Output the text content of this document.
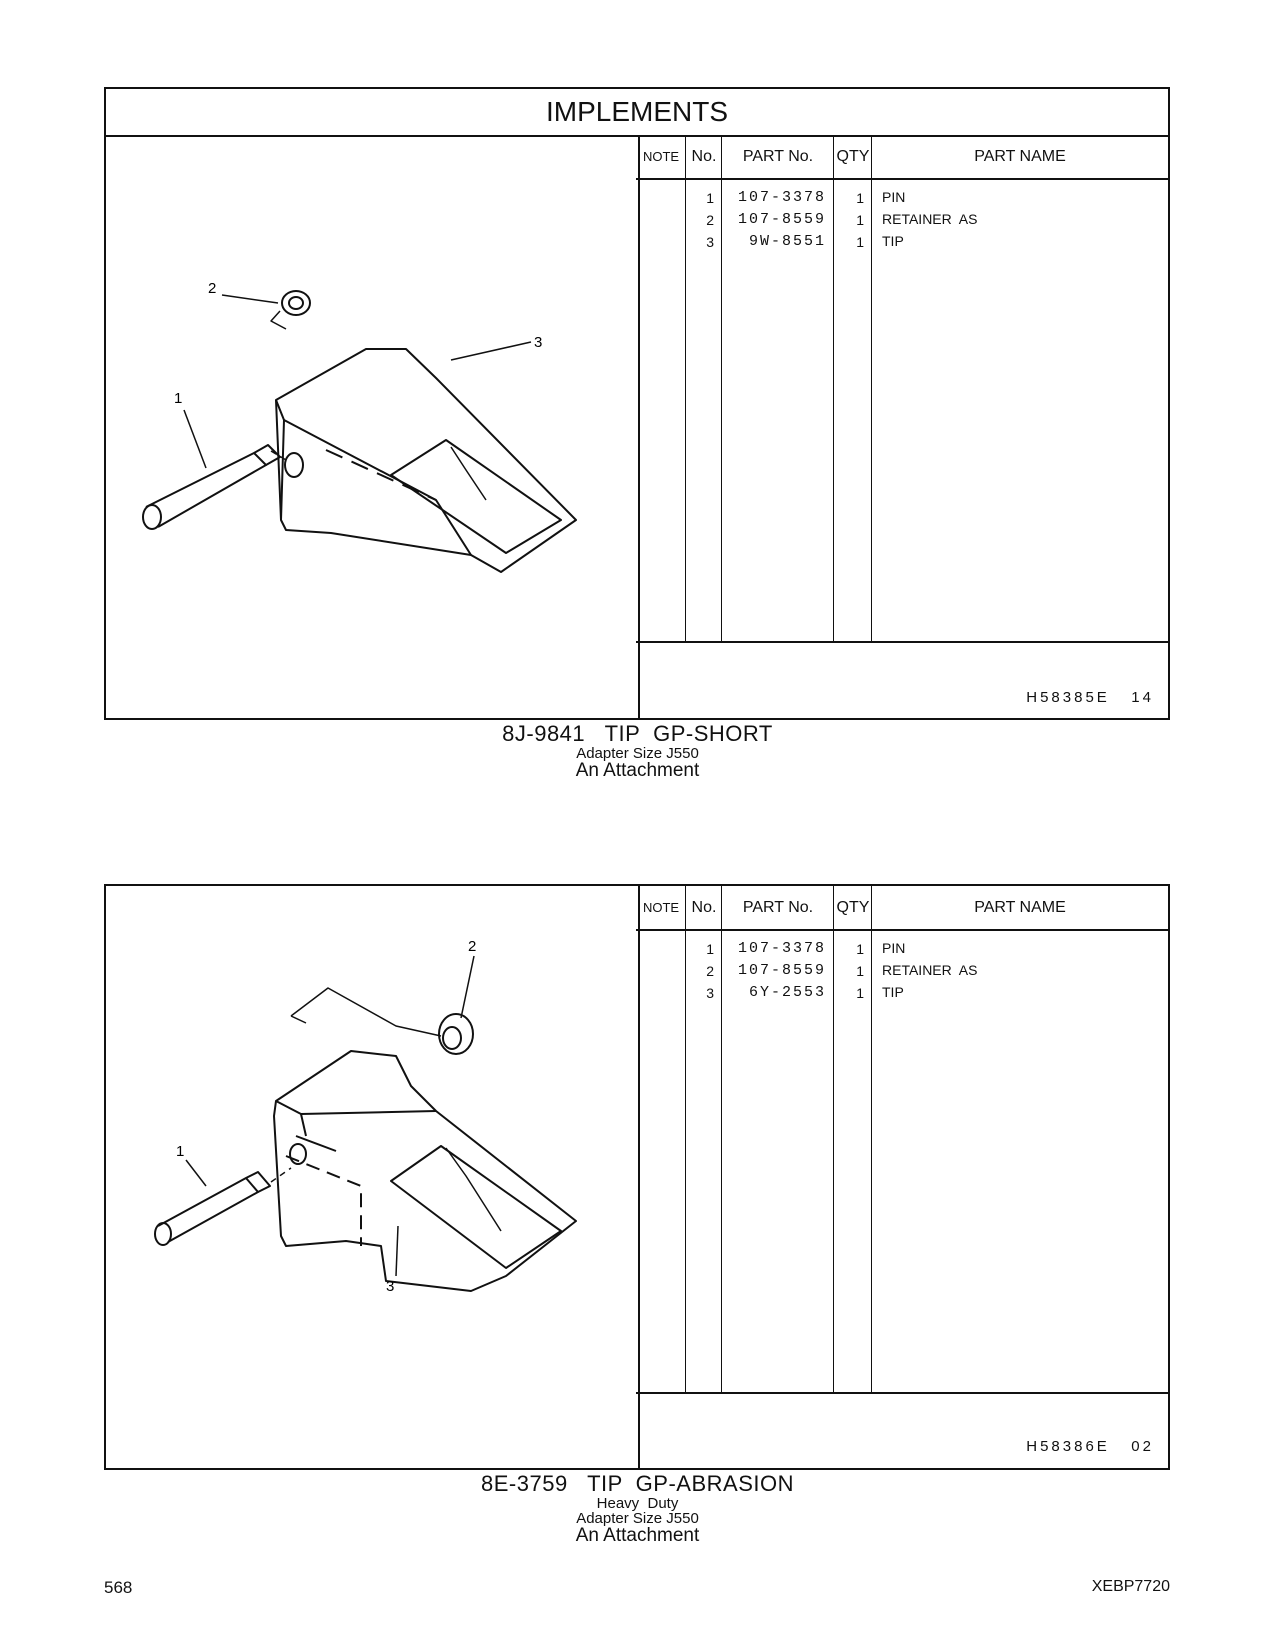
IMPLEMENTS
2
3
1
NOTE No.	PART No.	QTY	PART NAME
1	107-3378	1 PIN
2	107-8559	1 RETAINER  AS
3	9W-8551	1 TIP
H58385E   14
8J-9841   TIP  GP-SHORT
Adapter Size J550
An Attachment
2
1
3
NOTE No.	PART No.	QTY	PART NAME
1	107-3378	1 PIN
2	107-8559	1 RETAINER  AS
3	6Y-2553	1 TIP
H58386E   02
8E-3759   TIP  GP-ABRASION
Heavy  Duty
Adapter Size J550
An Attachment
568	XEBP7720
